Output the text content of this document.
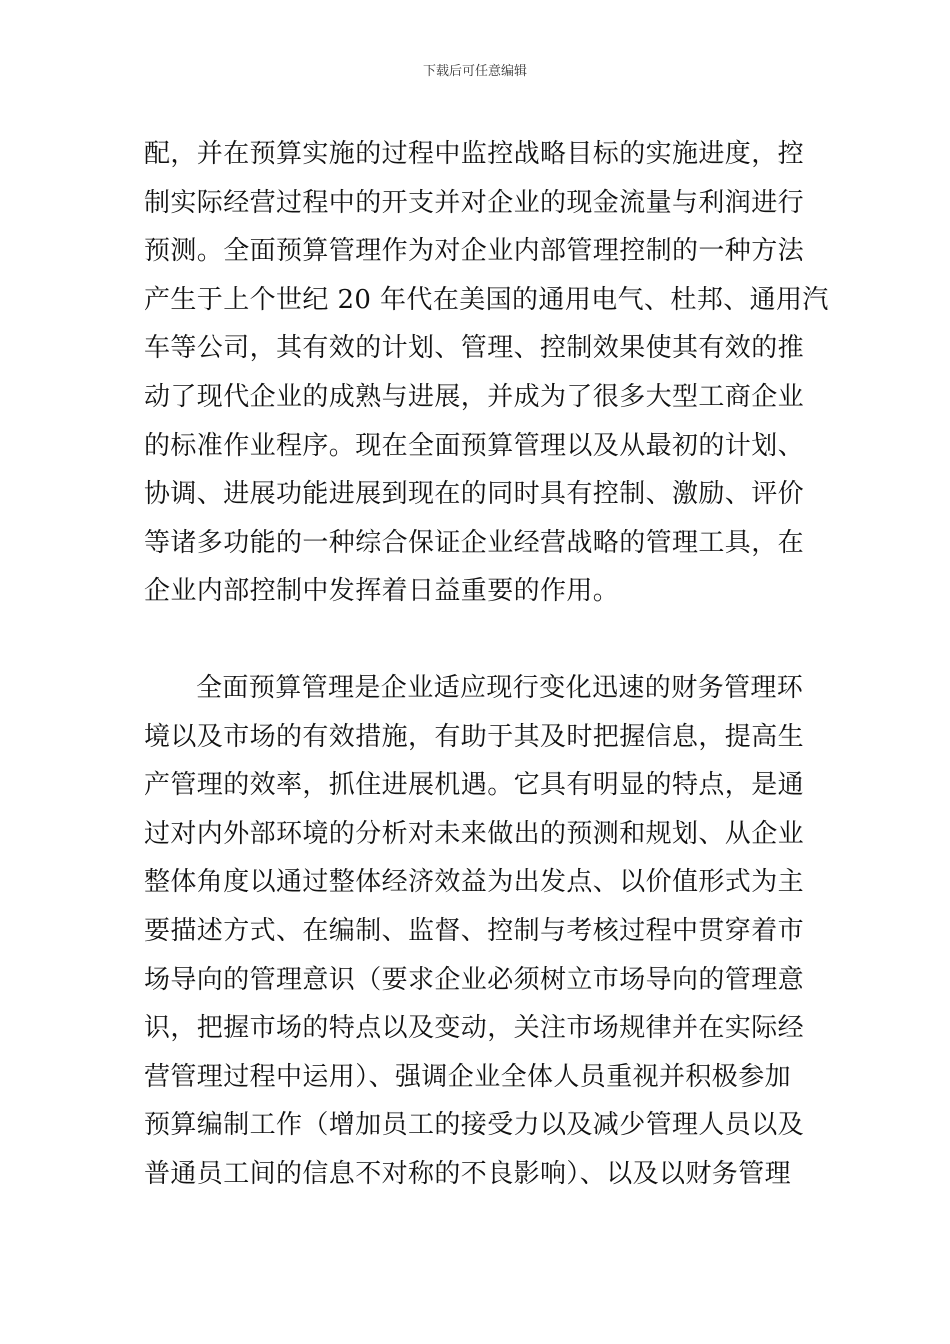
下载后可任意编辑
配，并在预算实施的过程中监控战略目标的实施进度，控
制实际经营过程中的开支并对企业的现金流量与利润进行
预测。全面预算管理作为对企业内部管理控制的一种方法
产生于上个世纪 20 年代在美国的通用电气、杜邦、通用汽
车等公司，其有效的计划、管理、控制效果使其有效的推
动了现代企业的成熟与进展，并成为了很多大型工商企业
的标准作业程序。现在全面预算管理以及从最初的计划、
协调、进展功能进展到现在的同时具有控制、激励、评价
等诸多功能的一种综合保证企业经营战略的管理工具，在
企业内部控制中发挥着日益重要的作用。
全面预算管理是企业适应现行变化迅速的财务管理环
境以及市场的有效措施，有助于其及时把握信息，提高生
产管理的效率，抓住进展机遇。它具有明显的特点，是通
过对内外部环境的分析对未来做出的预测和规划、从企业
整体角度以通过整体经济效益为出发点、以价值形式为主
要描述方式、在编制、监督、控制与考核过程中贯穿着市
场导向的管理意识（要求企业必须树立市场导向的管理意
识，把握市场的特点以及变动，关注市场规律并在实际经
营管理过程中运用）、强调企业全体人员重视并积极参加
预算编制工作（增加员工的接受力以及减少管理人员以及
普通员工间的信息不对称的不良影响）、以及以财务管理
